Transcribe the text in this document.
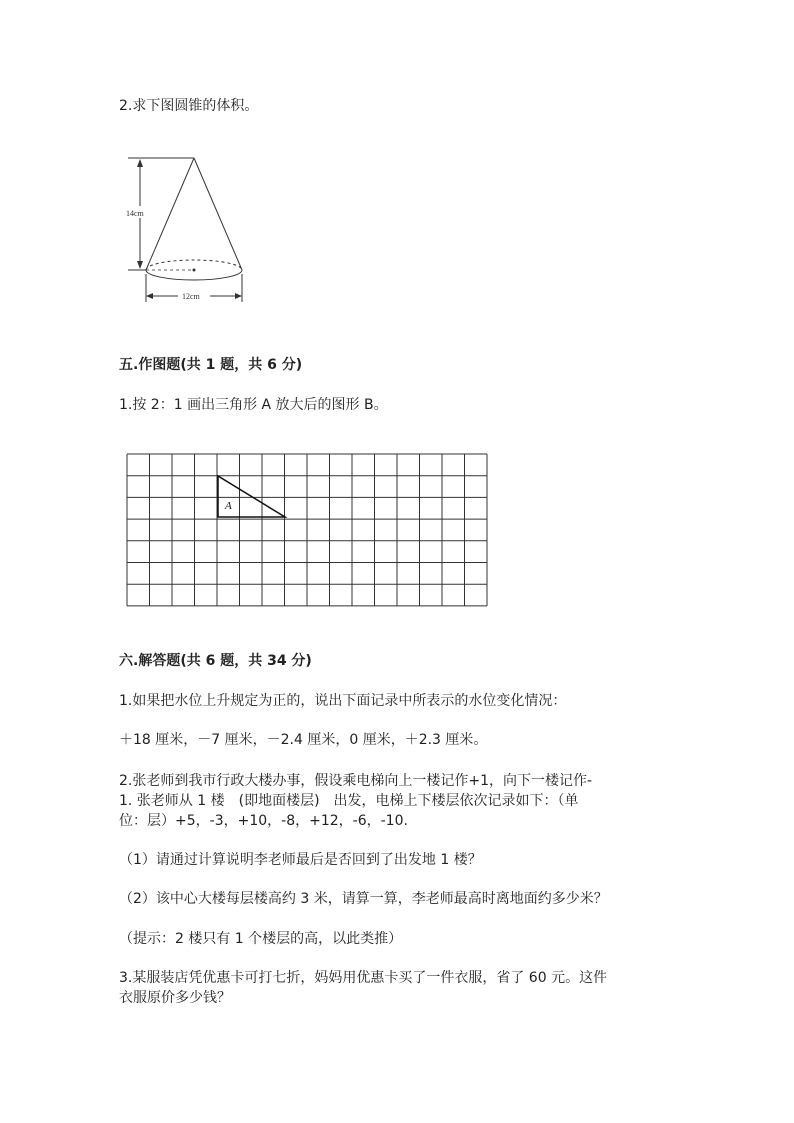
2.求下图圆锥的体积。
14cm
12cm
五.作图题(共 1 题，共 6 分)
1.按 2：1 画出三角形 A 放大后的图形 B。
A
六.解答题(共 6 题，共 34 分)
1.如果把水位上升规定为正的，说出下面记录中所表示的水位变化情况：
＋18 厘米，－7 厘米，－2.4 厘米，0 厘米，＋2.3 厘米。
2.张老师到我市行政大楼办事，假设乘电梯向上一楼记作+1，向下一楼记作-
1. 张老师从 1 楼　(即地面楼层)　出发，电梯上下楼层依次记录如下：（单
位：层）+5，-3，+10，-8，+12，-6，-10.
（1）请通过计算说明李老师最后是否回到了出发地 1 楼？
（2）该中心大楼每层楼高约 3 米，请算一算，李老师最高时离地面约多少米？
（提示：2 楼只有 1 个楼层的高，以此类推）
3.某服装店凭优惠卡可打七折，妈妈用优惠卡买了一件衣服，省了 60 元。这件
衣服原价多少钱？
